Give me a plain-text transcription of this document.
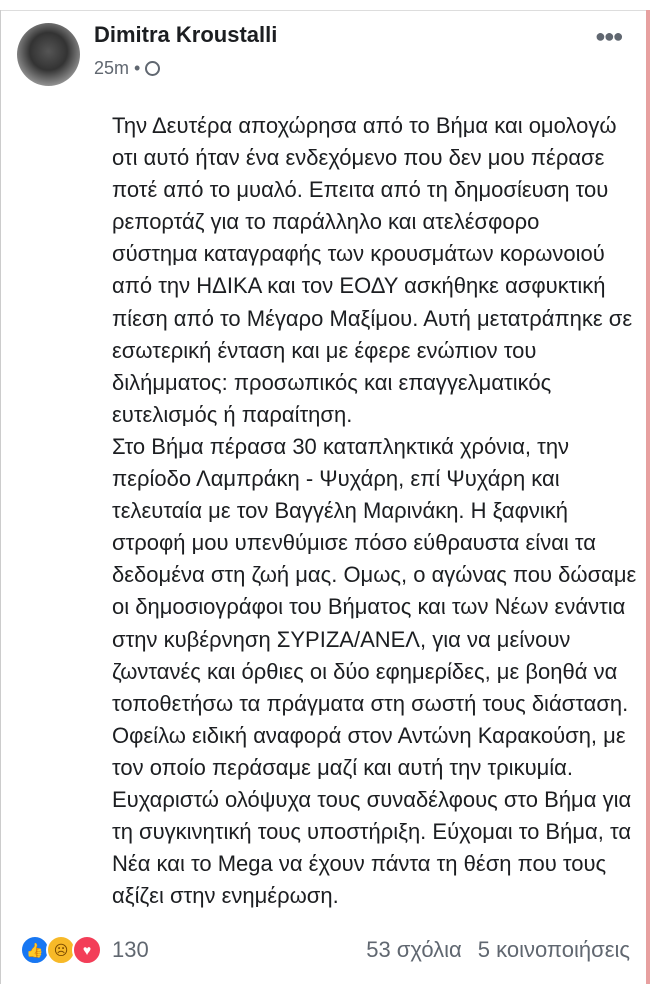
Dimitra Kroustalli
25m •
●●●
Την Δευτέρα αποχώρησα από το Βήμα και ομολογώ
οτι αυτό ήταν ένα ενδεχόμενο που δεν μου πέρασε
ποτέ από το μυαλό. Επειτα από τη δημοσίευση του
ρεπορτάζ για το παράλληλο και ατελέσφορο
σύστημα καταγραφής των κρουσμάτων κορωνοιού
από την ΗΔΙΚΑ και τον ΕΟΔΥ ασκήθηκε ασφυκτική
πίεση από το Μέγαρο Μαξίμου. Αυτή μετατράπηκε σε
εσωτερική ένταση και με έφερε ενώπιον του
διλήμματος: προσωπικός και επαγγελματικός
ευτελισμός ή παραίτηση.
Στο Βήμα πέρασα 30 καταπληκτικά χρόνια, την
περίοδο Λαμπράκη - Ψυχάρη, επί Ψυχάρη και
τελευταία με τον Βαγγέλη Μαρινάκη. Η ξαφνική
στροφή μου υπενθύμισε πόσο εύθραυστα είναι τα
δεδομένα στη ζωή μας. Ομως, ο αγώνας που δώσαμε
οι δημοσιογράφοι του Βήματος και των Νέων ενάντια
στην κυβέρνηση ΣΥΡΙΖΑ/ΑΝΕΛ, για να μείνουν
ζωντανές και όρθιες οι δύο εφημερίδες, με βοηθά να
τοποθετήσω τα πράγματα στη σωστή τους διάσταση.
Οφείλω ειδική αναφορά στον Αντώνη Καρακούση, με
τον οποίο περάσαμε μαζί και αυτή την τρικυμία.
Ευχαριστώ ολόψυχα τους συναδέλφους στο Βήμα για
τη συγκινητική τους υποστήριξη. Εύχομαι το Βήμα, τα
Νέα και το Mega να έχουν πάντα τη θέση που τους
αξίζει στην ενημέρωση.
👍 ☹	♥ 130	53 σχόλια 5 κοινοποιήσεις
